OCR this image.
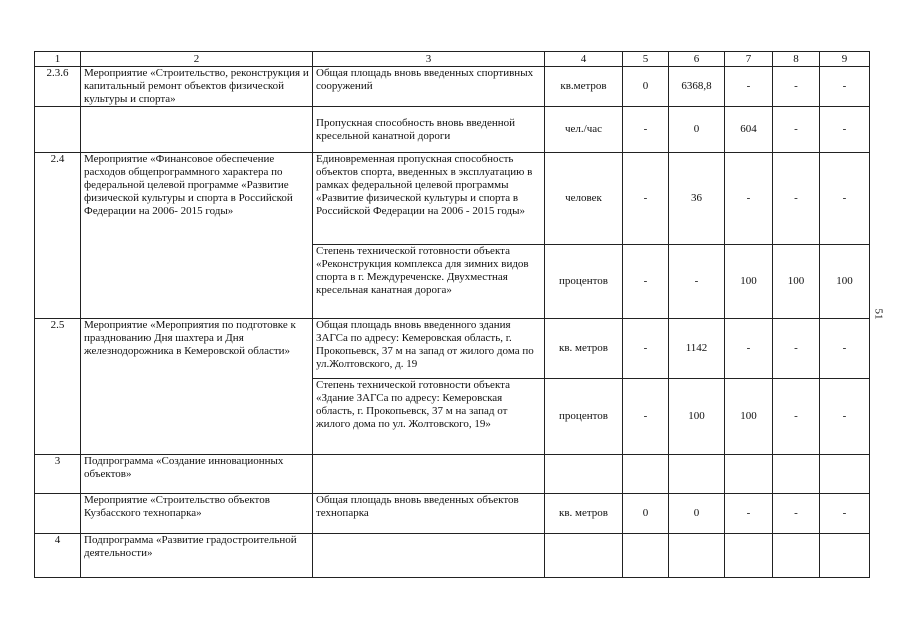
1	2	3	4	5	6	7	8	9
2.3.6	Мероприятие «Строительство, реконструкция и капитальный ремонт объектов физической культуры и спорта»	Общая площадь вновь введенных спортивных сооружений	кв.метров	0	6368,8	-	-	-
		Пропускная способность вновь введенной кресельной канатной дороги	чел./час	-	0	604	-	-
2.4	Мероприятие «Финансовое обеспечение расходов общепрограммного характера по федеральной целевой программе «Развитие физической культуры и спорта в Российской Федерации на 2006- 2015 годы»	Единовременная пропускная способность объектов спорта, введенных в эксплуатацию в рамках федеральной целевой программы «Развитие физической культуры и спорта в Российской Федерации на 2006 - 2015 годы»	человек	-	36	-	-	-
		Степень технической готовности объекта «Реконструкция комплекса для зимних видов спорта в г. Междуреченске. Двухместная кресельная канатная дорога»	процентов	-	-	100	100	100
2.5	Мероприятие «Мероприятия по подготовке к празднованию Дня шахтера и Дня железнодорожника в Кемеровской области»	Общая площадь вновь введенного здания ЗАГСа по адресу: Кемеровская область, г. Прокопьевск, 37 м на запад от жилого дома по ул.Жолтовского, д. 19	кв. метров	-	1142	-	-	-
		Степень технической готовности объекта «Здание ЗАГСа по адресу: Кемеровская область, г. Прокопьевск, 37 м на запад от жилого дома по ул. Жолтовского, 19»	процентов	-	100	100	-	-
3	Подпрограмма «Создание инновационных объектов»							
	Мероприятие «Строительство объектов Кузбасского технопарка»	Общая площадь вновь введенных объектов технопарка	кв. метров	0	0	-	-	-
4	Подпрограмма «Развитие градостроительной деятельности»							
51
